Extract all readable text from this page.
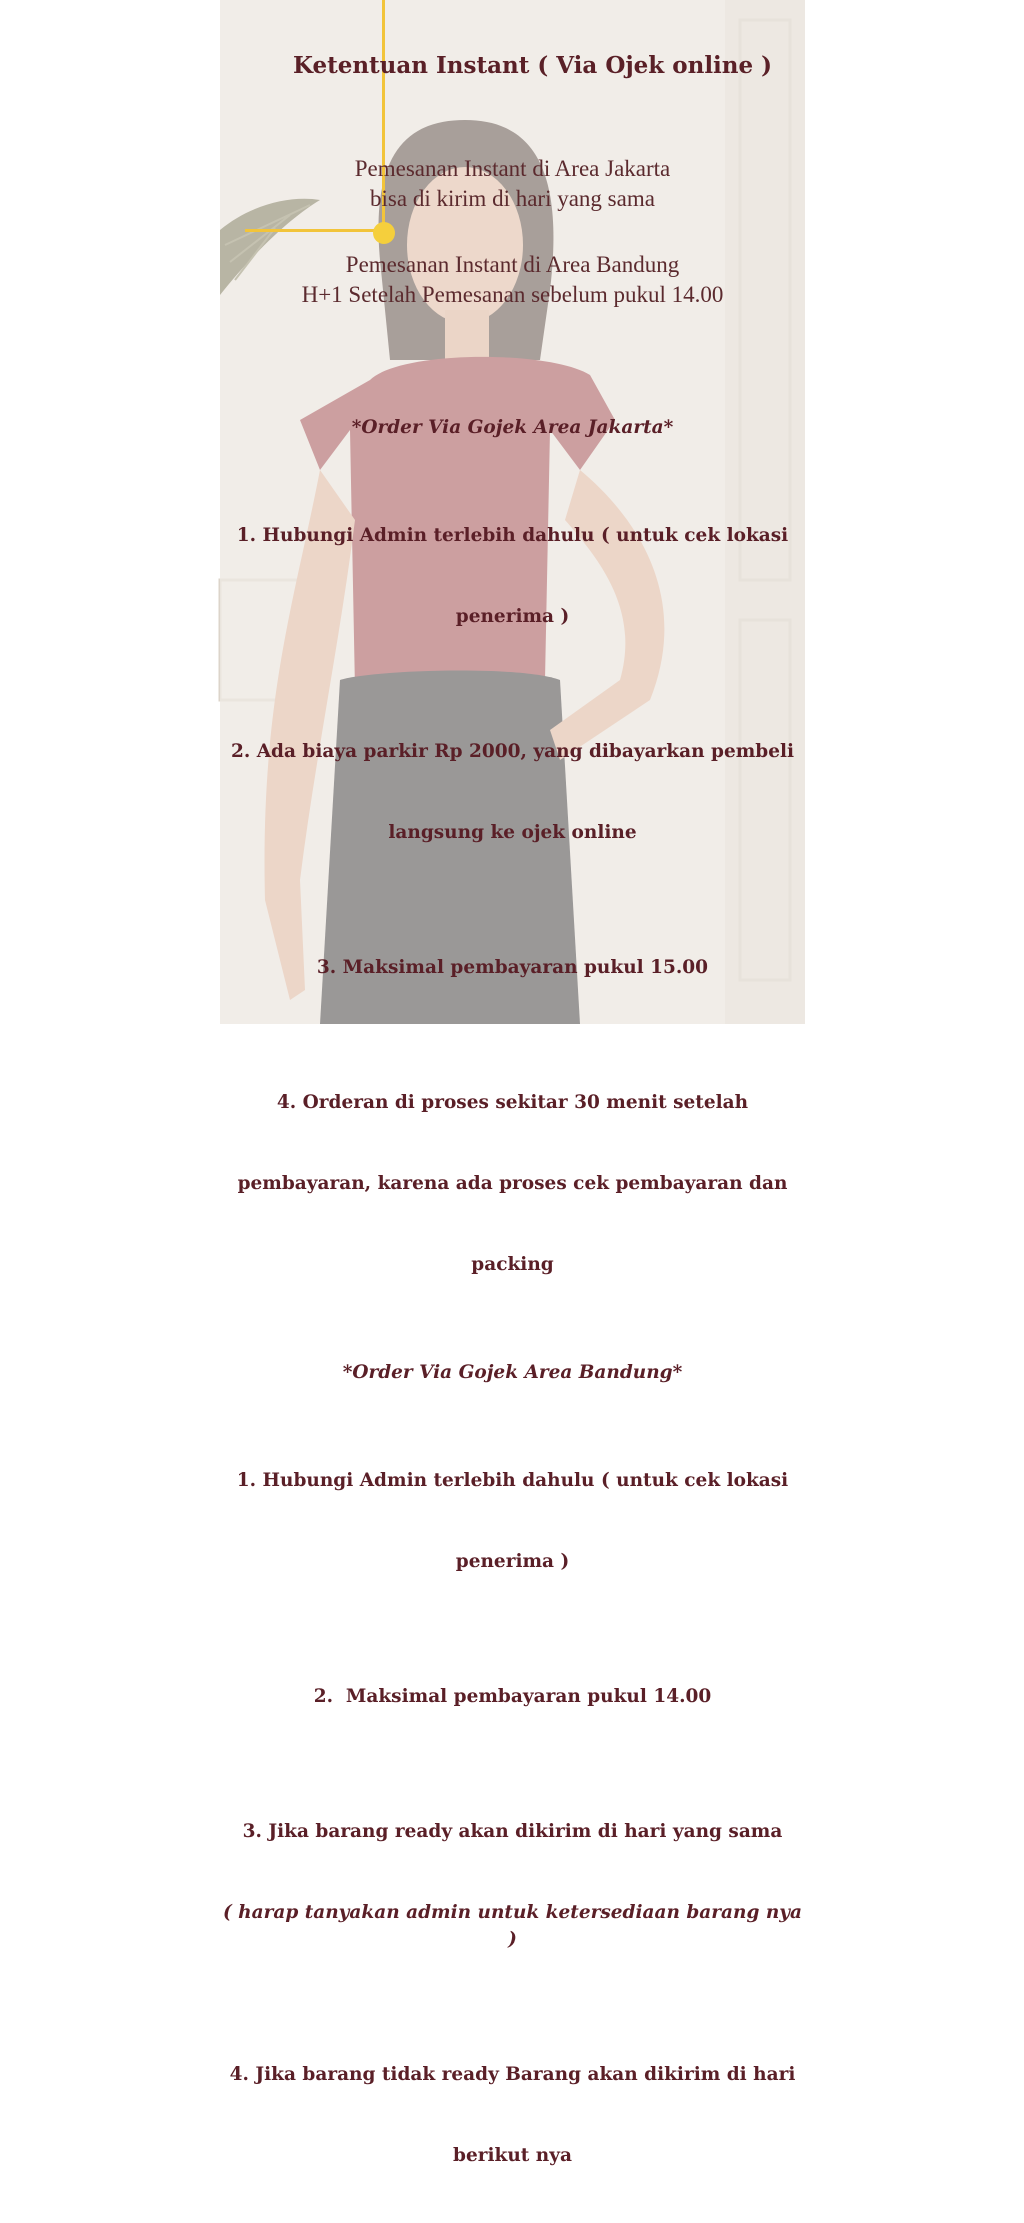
Ketentuan Instant ( Via Ojek online )
Pemesanan Instant di Area Jakarta
bisa di kirim di hari yang sama
Pemesanan Instant di Area Bandung
H+1 Setelah Pemesanan sebelum pukul 14.00
*Order Via Gojek Area Jakarta*

1. Hubungi Admin terlebih dahulu ( untuk cek lokasi

penerima )

2. Ada biaya parkir Rp 2000, yang dibayarkan pembeli

langsung ke ojek online

3. Maksimal pembayaran pukul 15.00

4. Orderan di proses sekitar 30 menit setelah

pembayaran, karena ada proses cek pembayaran dan

packing

*Order Via Gojek Area Bandung*

1. Hubungi Admin terlebih dahulu ( untuk cek lokasi

penerima )

2.  Maksimal pembayaran pukul 14.00

3. Jika barang ready akan dikirim di hari yang sama

( harap tanyakan admin untuk ketersediaan barang nya )

4. Jika barang tidak ready Barang akan dikirim di hari

berikut nya
